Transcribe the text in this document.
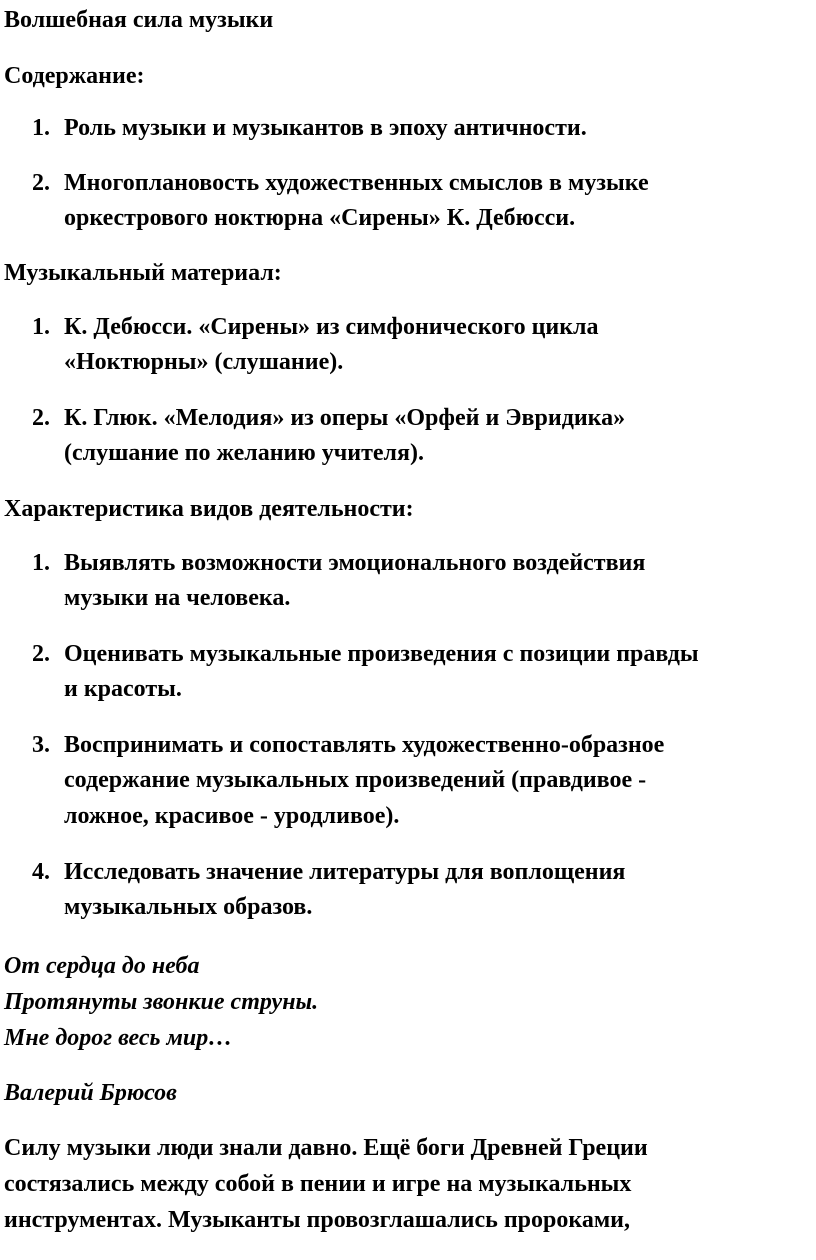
Волшебная сила музыки
Содержание:
1. Роль музыки и музыкантов в эпоху античности.
2. Многоплановость художественных смыслов в музыке
оркестрового ноктюрна «Сирены» К. Дебюсси.
Музыкальный материал:
1. К. Дебюсси. «Сирены» из симфонического цикла
«Ноктюрны» (слушание).
2. К. Глюк. «Мелодия» из оперы «Орфей и Эвридика»
(слушание по желанию учителя).
Характеристика видов деятельности:
1. Выявлять возможности эмоционального воздействия
музыки на человека.
2. Оценивать музыкальные произведения с позиции правды
и красоты.
3. Воспринимать и сопоставлять художественно-образное
содержание музыкальных произведений (правдивое -
ложное, красивое - уродливое).
4. Исследовать значение литературы для воплощения
музыкальных образов.
От сердца до неба
Протянуты звонкие струны.
Мне дорог весь мир…
Валерий Брюсов
Силу музыки люди знали давно. Ещё боги Древней Греции
состязались между собой в пении и игре на музыкальных
инструментах. Музыканты провозглашались пророками,
